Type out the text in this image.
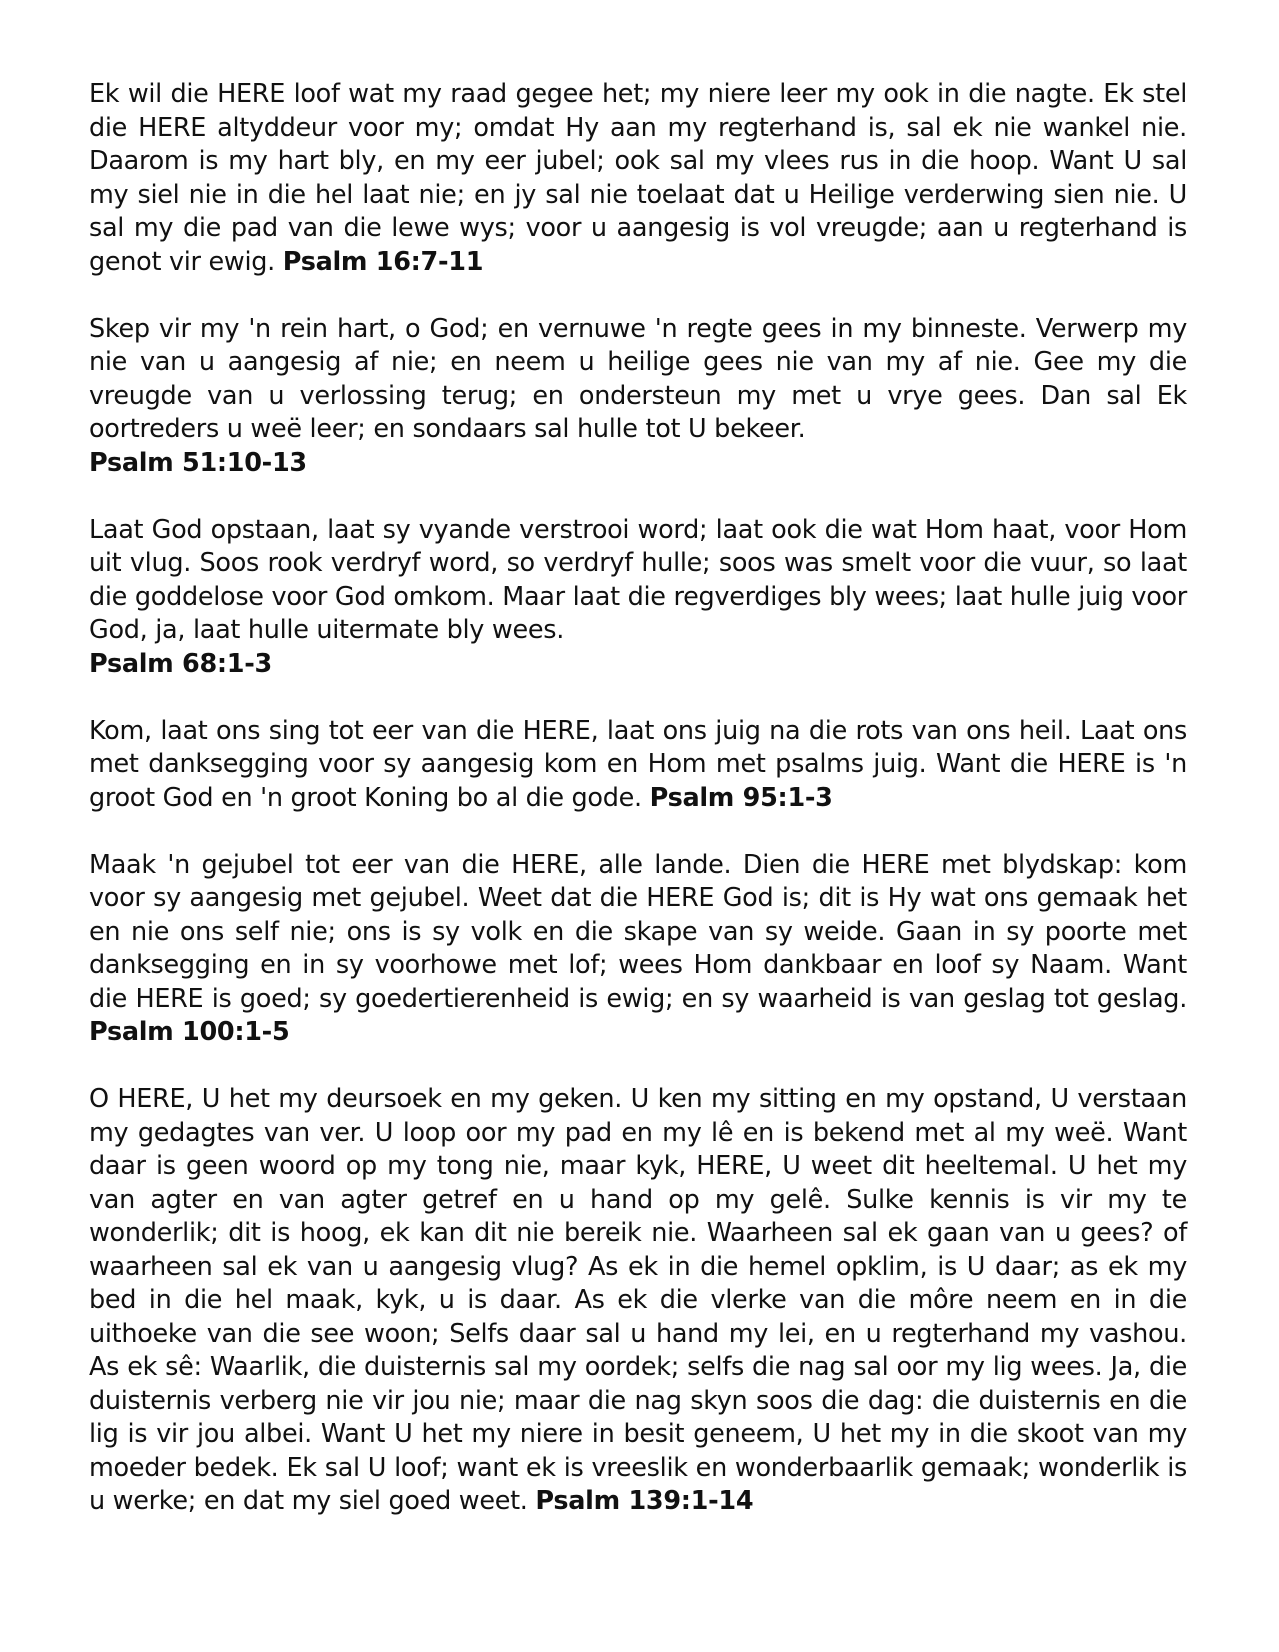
Ek wil die HERE loof wat my raad gegee het; my niere leer my ook in die nagte. Ek stel die HERE altyddeur voor my; omdat Hy aan my regterhand is, sal ek nie wankel nie. Daarom is my hart bly, en my eer jubel; ook sal my vlees rus in die hoop. Want U sal my siel nie in die hel laat nie; en jy sal nie toelaat dat u Heilige verderwing sien nie. U sal my die pad van die lewe wys; voor u aangesig is vol vreugde; aan u regterhand is genot vir ewig. Psalm 16:7-11

Skep vir my 'n rein hart, o God; en vernuwe 'n regte gees in my binneste. Verwerp my nie van u aangesig af nie; en neem u heilige gees nie van my af nie. Gee my die vreugde van u verlossing terug; en ondersteun my met u vrye gees. Dan sal Ek oortreders u weë leer; en sondaars sal hulle tot U bekeer.
Psalm 51:10-13

Laat God opstaan, laat sy vyande verstrooi word; laat ook die wat Hom haat, voor Hom uit vlug. Soos rook verdryf word, so verdryf hulle; soos was smelt voor die vuur, so laat die goddelose voor God omkom. Maar laat die regverdiges bly wees; laat hulle juig voor God, ja, laat hulle uitermate bly wees.
Psalm 68:1-3

Kom, laat ons sing tot eer van die HERE, laat ons juig na die rots van ons heil. Laat ons met danksegging voor sy aangesig kom en Hom met psalms juig. Want die HERE is 'n groot God en 'n groot Koning bo al die gode. Psalm 95:1-3

Maak 'n gejubel tot eer van die HERE, alle lande. Dien die HERE met blydskap: kom voor sy aangesig met gejubel. Weet dat die HERE God is; dit is Hy wat ons gemaak het en nie ons self nie; ons is sy volk en die skape van sy weide. Gaan in sy poorte met danksegging en in sy voorhowe met lof; wees Hom dankbaar en loof sy Naam. Want die HERE is goed; sy goedertierenheid is ewig; en sy waarheid is van geslag tot geslag. Psalm 100:1-5

O HERE, U het my deursoek en my geken. U ken my sitting en my opstand, U verstaan my gedagtes van ver. U loop oor my pad en my lê en is bekend met al my weë. Want daar is geen woord op my tong nie, maar kyk, HERE, U weet dit heeltemal. U het my van agter en van agter getref en u hand op my gelê. Sulke kennis is vir my te wonderlik; dit is hoog, ek kan dit nie bereik nie. Waarheen sal ek gaan van u gees? of waarheen sal ek van u aangesig vlug? As ek in die hemel opklim, is U daar; as ek my bed in die hel maak, kyk, u is daar. As ek die vlerke van die môre neem en in die uithoeke van die see woon; Selfs daar sal u hand my lei, en u regterhand my vashou. As ek sê: Waarlik, die duisternis sal my oordek; selfs die nag sal oor my lig wees. Ja, die duisternis verberg nie vir jou nie; maar die nag skyn soos die dag: die duisternis en die lig is vir jou albei. Want U het my niere in besit geneem, U het my in die skoot van my moeder bedek. Ek sal U loof; want ek is vreeslik en wonderbaarlik gemaak; wonderlik is u werke; en dat my siel goed weet. Psalm 139:1-14
